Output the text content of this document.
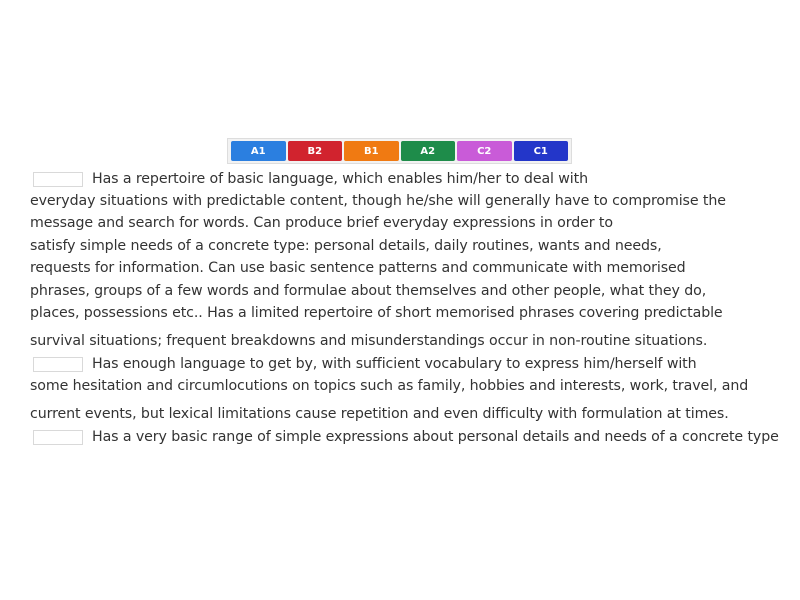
A1	B2	B1	A2	C2	C1
Has a repertoire of basic language, which enables him/her to deal with
everyday situations with predictable content, though he/she will generally have to compromise the
message and search for words. Can produce brief everyday expressions in order to
satisfy simple needs of a concrete type: personal details, daily routines, wants and needs,
requests for information. Can use basic sentence patterns and communicate with memorised
phrases, groups of a few words and formulae about themselves and other people, what they do,
places, possessions etc.. Has a limited repertoire of short memorised phrases covering predictable
survival situations; frequent breakdowns and misunderstandings occur in non-routine situations.
Has enough language to get by, with sufficient vocabulary to express him/herself with
some hesitation and circumlocutions on topics such as family, hobbies and interests, work, travel, and
current events, but lexical limitations cause repetition and even difficulty with formulation at times.
Has a very basic range of simple expressions about personal details and needs of a concrete type
